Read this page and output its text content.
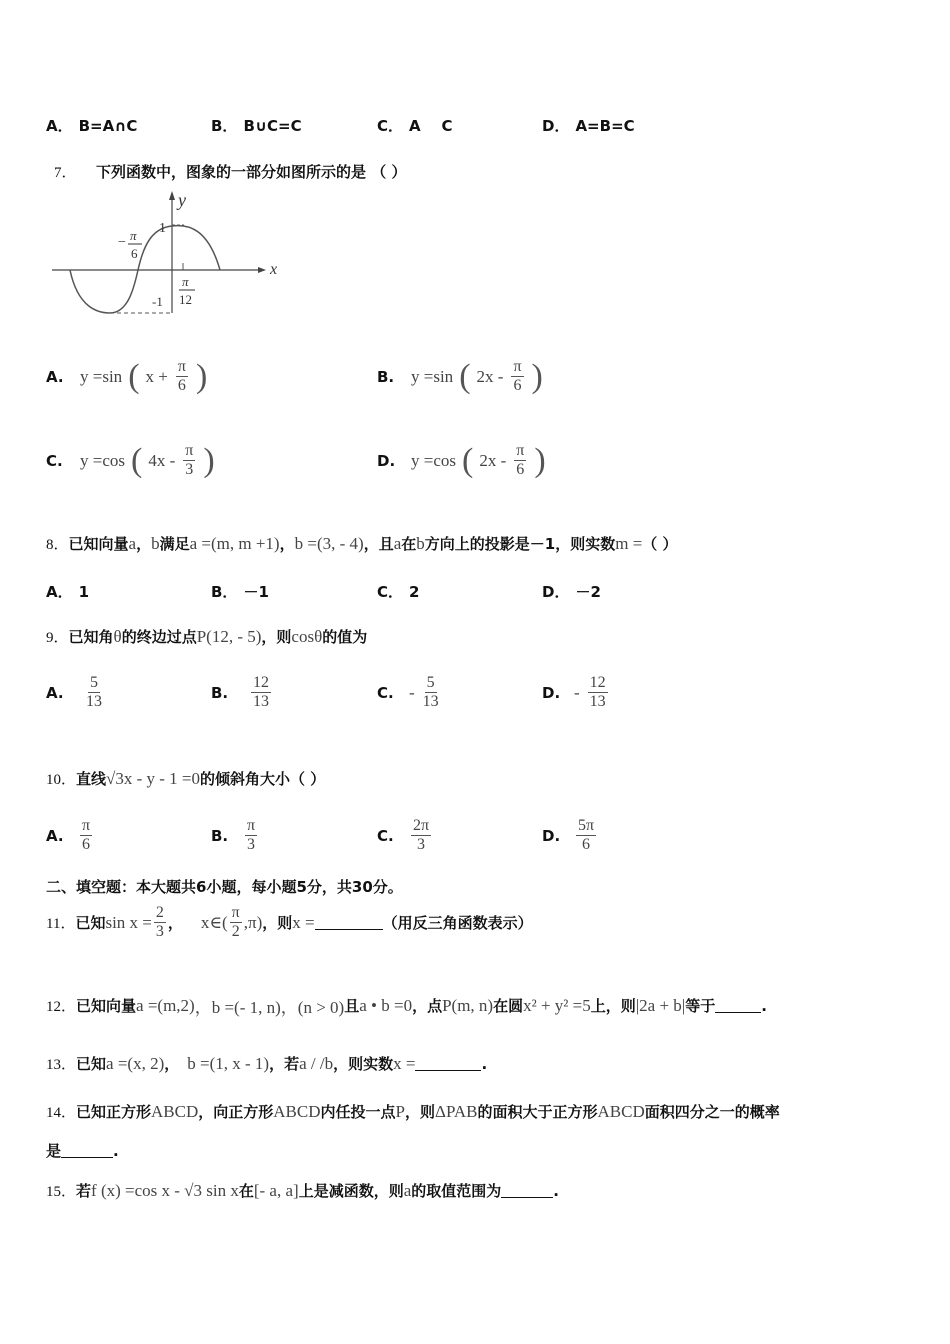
A． B=A∩C	B． B∪C=C	C． A    C	D． A=B=C
7．	下列函数中，图象的一部分如图所示的是 （ ）
x
y
1
-1
− π
6
π
12
A. y =sin ( $x + \frac{\pi}{6}$ )	B. y =sin ( $2x - \frac{\pi}{6}$ )
C.	y =cos ( $4x - \frac{\pi}{3}$ )	D. y =cos ( $2x - \frac{\pi}{6}$ )
8． 已知向量 a ， b 满足 a =(m, m +1) ， b =(3, - 4) ，且 a 在 b 方向上的投影是－1，则实数 m = （ ）
A． 1	B． －1	C． 2	D． －2
9． 已知角 θ 的终边过点 P(12, - 5) ，则 cosθ 的值为
A.	$\frac{5}{13}$	B.	$\frac{12}{13}$	C. - $\frac{5}{13}$	D. - $\frac{12}{13}$
10． 直线 √3x - y - 1 =0 的倾斜角大小（ ）
A.	$\frac{\pi}{6}$	B.	$\frac{\pi}{3}$	C.	$\frac{2\pi}{3}$	D. $\frac{5\pi}{6}$
二、填空题：本大题共6小题，每小题5分，共30分。
11． 已知 $\sin x = \frac{2}{3}$ ， x∈( $\frac{\pi}{2} ,\pi$) ，则 x =	（用反三角函数表示）
12． 已知向量 a =(m,2) ，b =(- 1, n) ，(n > 0) 且 a • b =0 ，点 P(m, n) 在圆 x² + y² =5 上，则 |2a + b| 等于	.
13． 已知 a =(x, 2) ， b =(1, x - 1) ，若 a / /b ，则实数 x =	.
14． 已知正方形 ABCD ，向正方形 ABCD 内任投一点 P ，则 ΔPAB 的面积大于正方形 ABCD 面积四分之一的概率
是	.
15． 若 f (x) =cos x - √3 sin x 在 [- a, a] 上是减函数，则 a 的取值范围为	.
